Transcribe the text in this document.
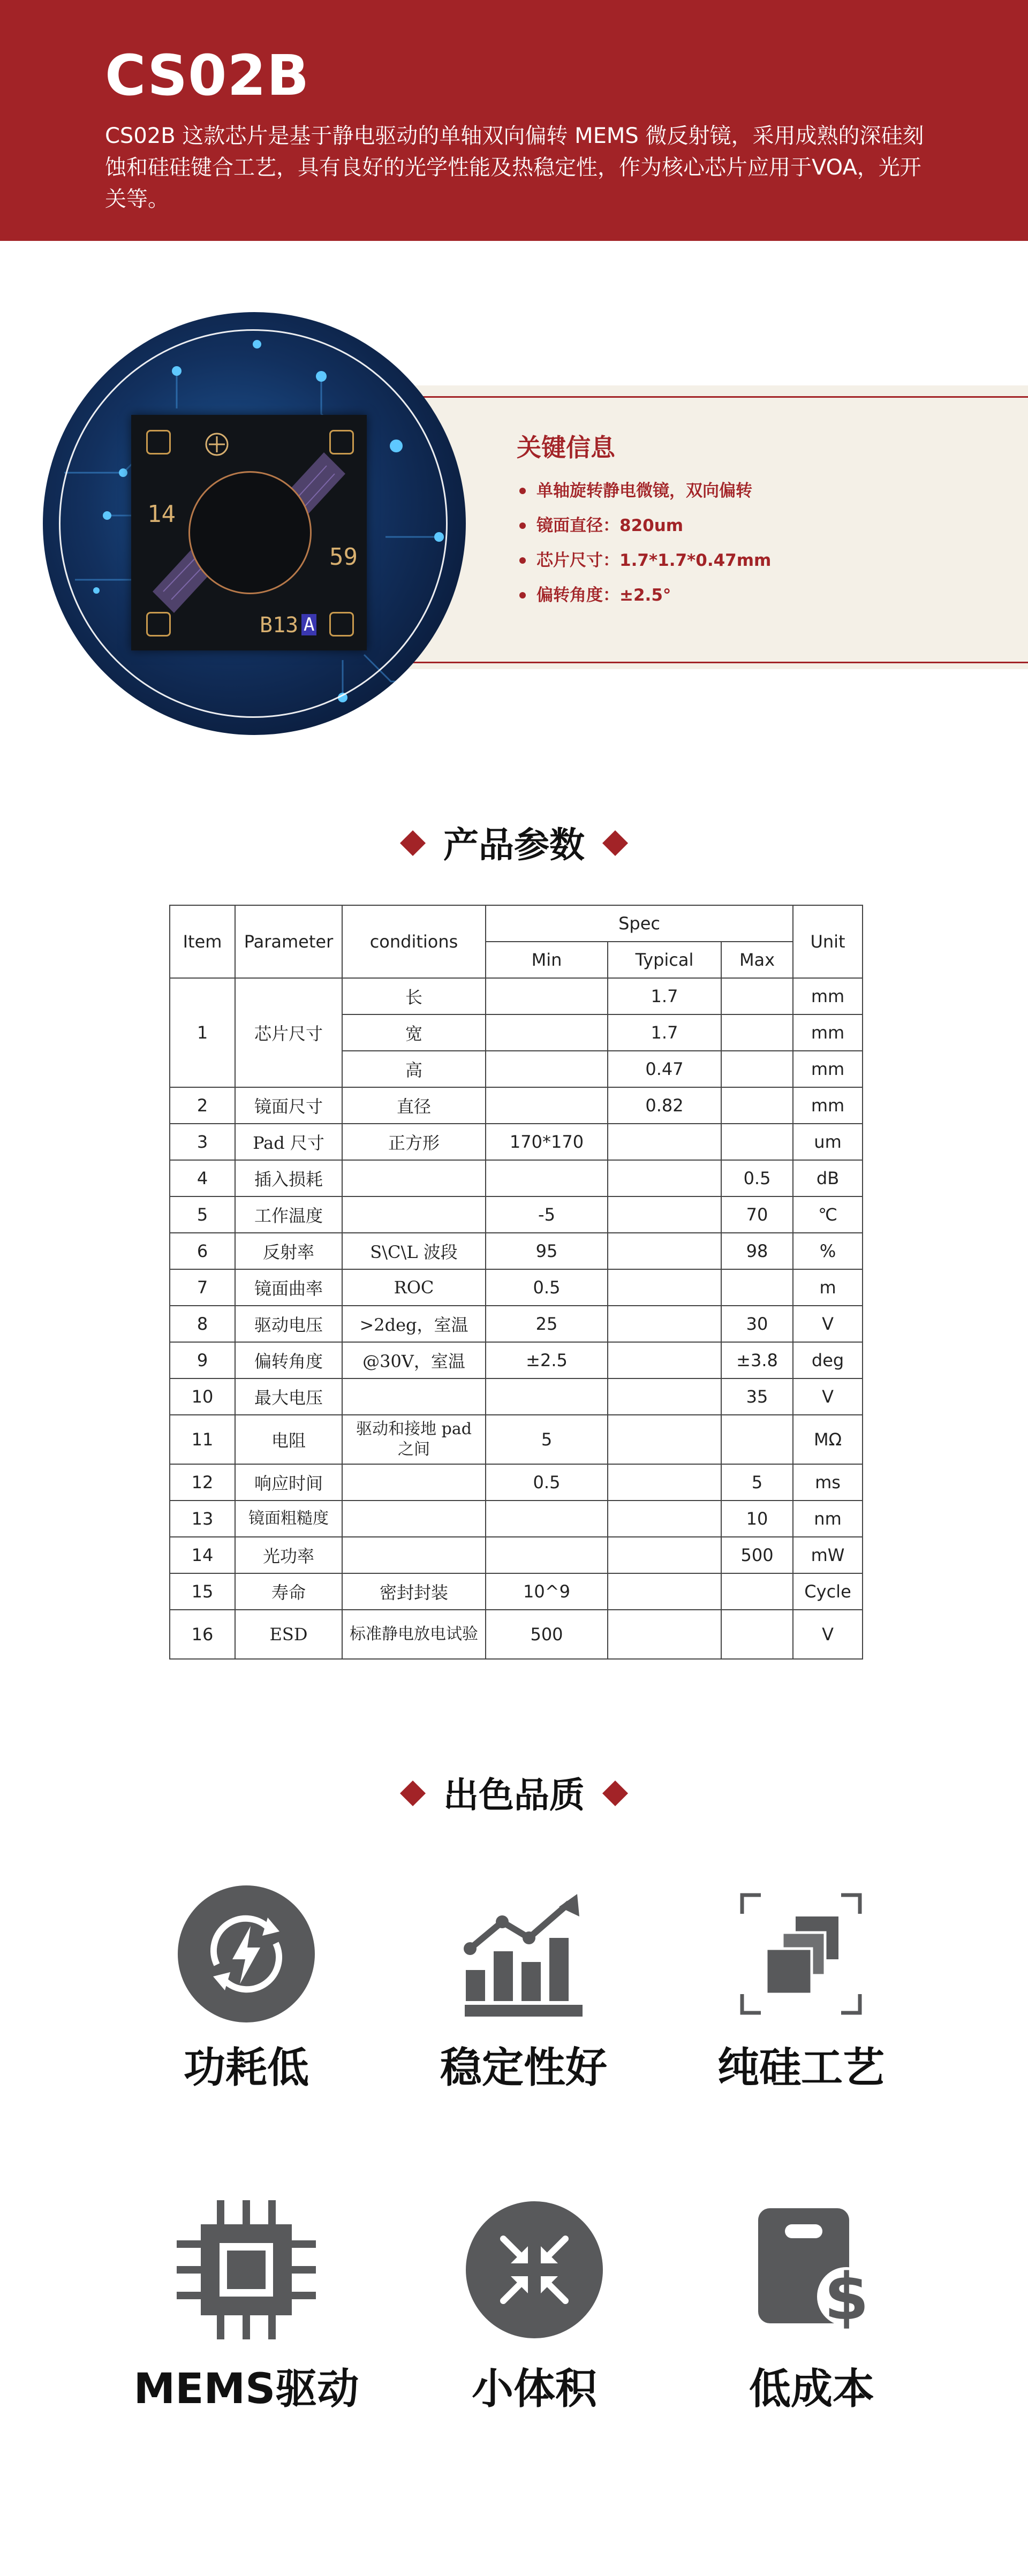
CS02B
CS02B 这款芯片是基于静电驱动的单轴双向偏转 MEMS 微反射镜，采用成熟的深硅刻蚀和硅硅键合工艺，具有良好的光学性能及热稳定性，作为核心芯片应用于VOA，光开关等。
14
59
B13 A
关键信息
单轴旋转静电微镜，双向偏转
镜面直径：820um
芯片尺寸：1.7*1.7*0.47mm
偏转角度：±2.5°
产品参数
Item	Parameter	conditions	Spec			Unit
			Min	Typical	Max	
1	芯片尺寸	长		1.7		mm
		宽		1.7		mm
		高		0.47		mm
2	镜面尺寸	直径		0.82		mm
3	Pad 尺寸	正方形	170*170			um
4	插入损耗				0.5	dB
5	工作温度		-5		70	℃
6	反射率	S\C\L 波段	95		98	%
7	镜面曲率	ROC	0.5			m
8	驱动电压	>2deg，室温	25		30	V
9	偏转角度	@30V，室温	±2.5		±3.8	deg
10	最大电压				35	V
11	电阻	驱动和接地 pad 之间	5			MΩ
12	响应时间		0.5		5	ms
13	镜面粗糙度				10	nm
14	光功率				500	mW
15	寿命	密封封装	10^9			Cycle
16	ESD	标准静电放电试验	500			V
出色品质
功耗低	稳定性好	纯硅工艺
MEMS驱动	小体积
$
低成本
